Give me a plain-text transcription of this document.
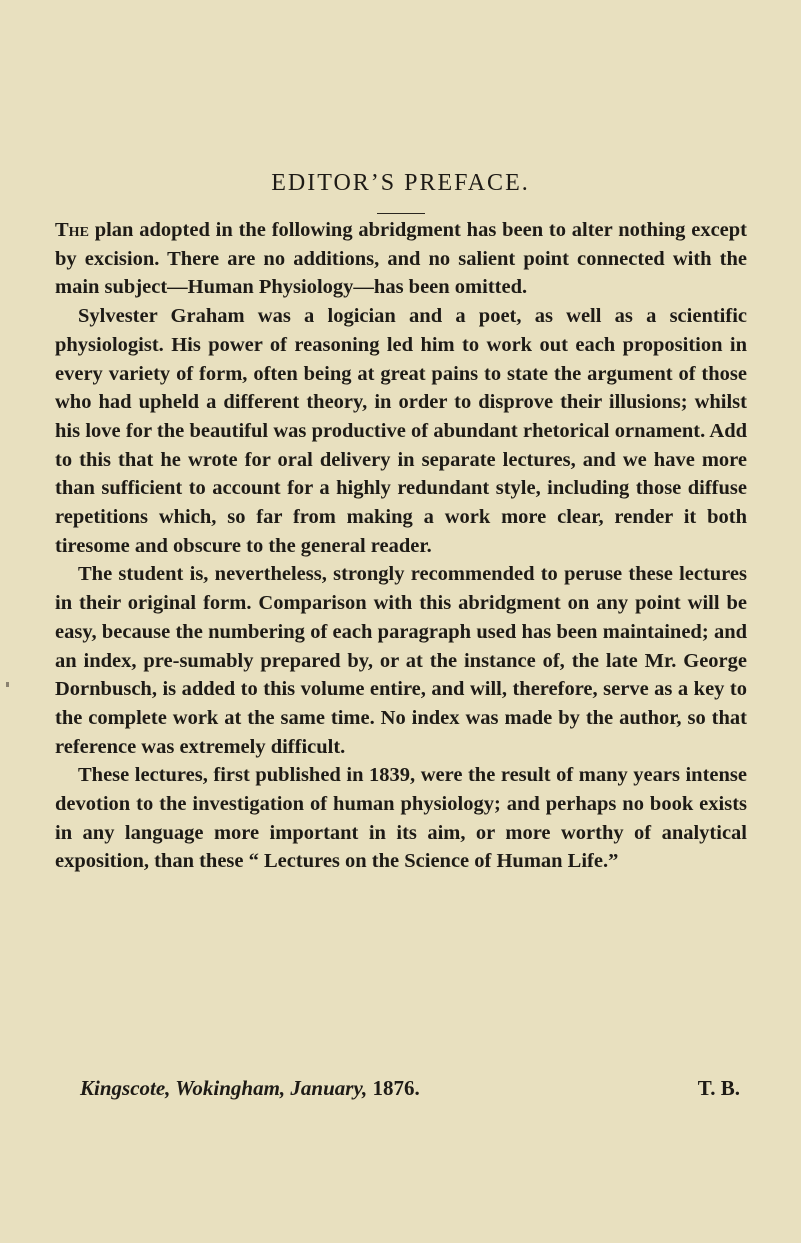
EDITOR’S PREFACE.

The plan adopted in the following abridgment has been to alter nothing except by excision. There are no additions, and no salient point connected with the main subject—Human Physiology—has been omitted.

Sylvester Graham was a logician and a poet, as well as a scientific physiologist. His power of reasoning led him to work out each proposition in every variety of form, often being at great pains to state the argument of those who had upheld a different theory, in order to disprove their illusions; whilst his love for the beautiful was productive of abundant rhetorical ornament. Add to this that he wrote for oral delivery in separate lectures, and we have more than sufficient to account for a highly redundant style, including those diffuse repetitions which, so far from making a work more clear, render it both tiresome and obscure to the general reader.

The student is, nevertheless, strongly recommended to peruse these lectures in their original form. Comparison with this abridgment on any point will be easy, because the numbering of each paragraph used has been maintained; and an index, pre-sumably prepared by, or at the instance of, the late Mr. George Dornbusch, is added to this volume entire, and will, therefore, serve as a key to the complete work at the same time. No index was made by the author, so that reference was extremely difficult.

These lectures, first published in 1839, were the result of many years intense devotion to the investigation of human physiology; and perhaps no book exists in any language more important in its aim, or more worthy of analytical exposition, than these “ Lectures on the Science of Human Life.”

Kingscote, Wokingham, January, 1876.	T. B.
